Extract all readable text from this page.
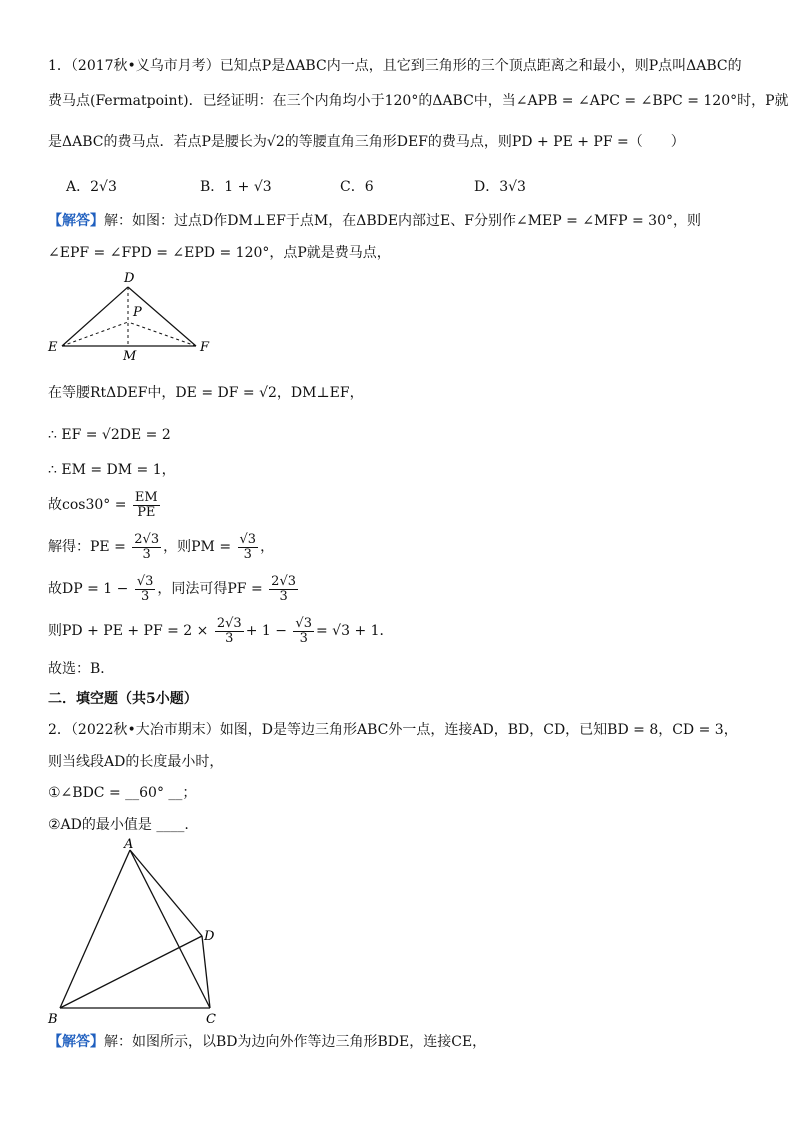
1．（2017秋•义乌市月考）已知点P是ΔABC内一点，且它到三角形的三个顶点距离之和最小，则P点叫ΔABC的
费马点(Fermatpoint)．已经证明：在三个内角均小于120°的ΔABC中，当∠APB = ∠APC = ∠BPC = 120°时，P就
是ΔABC的费马点．若点P是腰长为√2的等腰直角三角形DEF的费马点，则PD + PE + PF =（　　）
A．2√3	B．1 + √3	C．6	D．3√3
【解答】解：如图：过点D作DM⊥EF于点M，在ΔBDE内部过E、F分别作∠MEP = ∠MFP = 30°，则
∠EPF = ∠FPD = ∠EPD = 120°，点P就是费马点，
D
P
E
M
F
在等腰RtΔDEF中，DE = DF = √2，DM⊥EF，
∴ EF = √2DE = 2
∴ EM = DM = 1，
故$\cos 30^\circ = \frac{EM}{PE}$
解得：PE = $\frac{2√3}{3}$ ，则PM = $\frac{√3}{3}$ ，
故DP = $1 - \frac{√3}{3}$ ，同法可得PF = $\frac{2√3}{3}$
则PD + PE + PF = $2 \times \frac{2√3}{3} + 1 - \frac{√3}{3} = √3 + 1$．
故选：B．
二．填空题（共5小题）
2．（2022秋•大冶市期末）如图，D是等边三角形ABC外一点，连接AD，BD，CD，已知BD = 8，CD = 3，
则当线段AD的长度最小时，
①∠BDC = __60° __；
②AD的最小值是 ____.
A
B	C
D
【解答】解：如图所示，以BD为边向外作等边三角形BDE，连接CE，
